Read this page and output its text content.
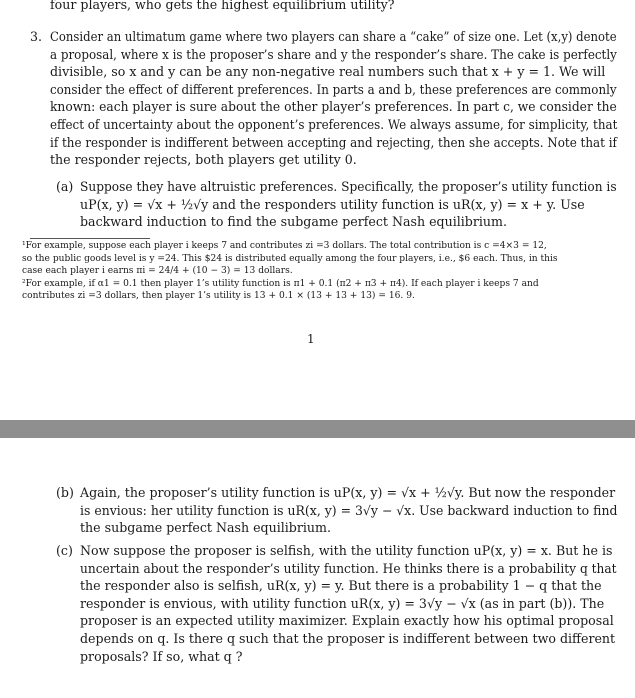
four players, who gets the highest equilibrium utility?

3. Consider an ultimatum game where two players can share a “cake” of size one. Let (x,y) denote
a proposal, where x is the proposer’s share and y the responder’s share. The cake is perfectly
divisible, so x and y can be any non-negative real numbers such that x + y = 1. We will
consider the effect of different preferences. In parts a and b, these preferences are commonly
known: each player is sure about the other player’s preferences. In part c, we consider the
effect of uncertainty about the opponent’s preferences. We always assume, for simplicity, that
if the responder is indifferent between accepting and rejecting, then she accepts. Note that if
the responder rejects, both players get utility 0.

(a) Suppose they have altruistic preferences. Specifically, the proposer’s utility function is
uP(x, y) = √x + ½√y and the responders utility function is uR(x, y) = x + y. Use
backward induction to find the subgame perfect Nash equilibrium.
¹For example, suppose each player i keeps 7 and contributes zi =3 dollars. The total contribution is c =4×3 = 12,
so the public goods level is y =24. This $24 is distributed equally among the four players, i.e., $6 each. Thus, in this
case each player i earns πi = 24/4 + (10 − 3) = 13 dollars.
²For example, if α1 = 0.1 then player 1’s utility function is π1 + 0.1 (π2 + π3 + π4). If each player i keeps 7 and
contributes zi =3 dollars, then player 1’s utility is 13 + 0.1 × (13 + 13 + 13) = 16. 9.

1

(b) Again, the proposer’s utility function is uP(x, y) = √x + ½√y. But now the responder
is envious: her utility function is uR(x, y) = 3√y − √x. Use backward induction to find
the subgame perfect Nash equilibrium.

(c) Now suppose the proposer is selfish, with the utility function uP(x, y) = x. But he is
uncertain about the responder’s utility function. He thinks there is a probability q that
the responder also is selfish, uR(x, y) = y. But there is a probability 1 − q that the
responder is envious, with utility function uR(x, y) = 3√y − √x (as in part (b)). The
proposer is an expected utility maximizer. Explain exactly how his optimal proposal
depends on q. Is there q such that the proposer is indifferent between two different
proposals? If so, what q ?
